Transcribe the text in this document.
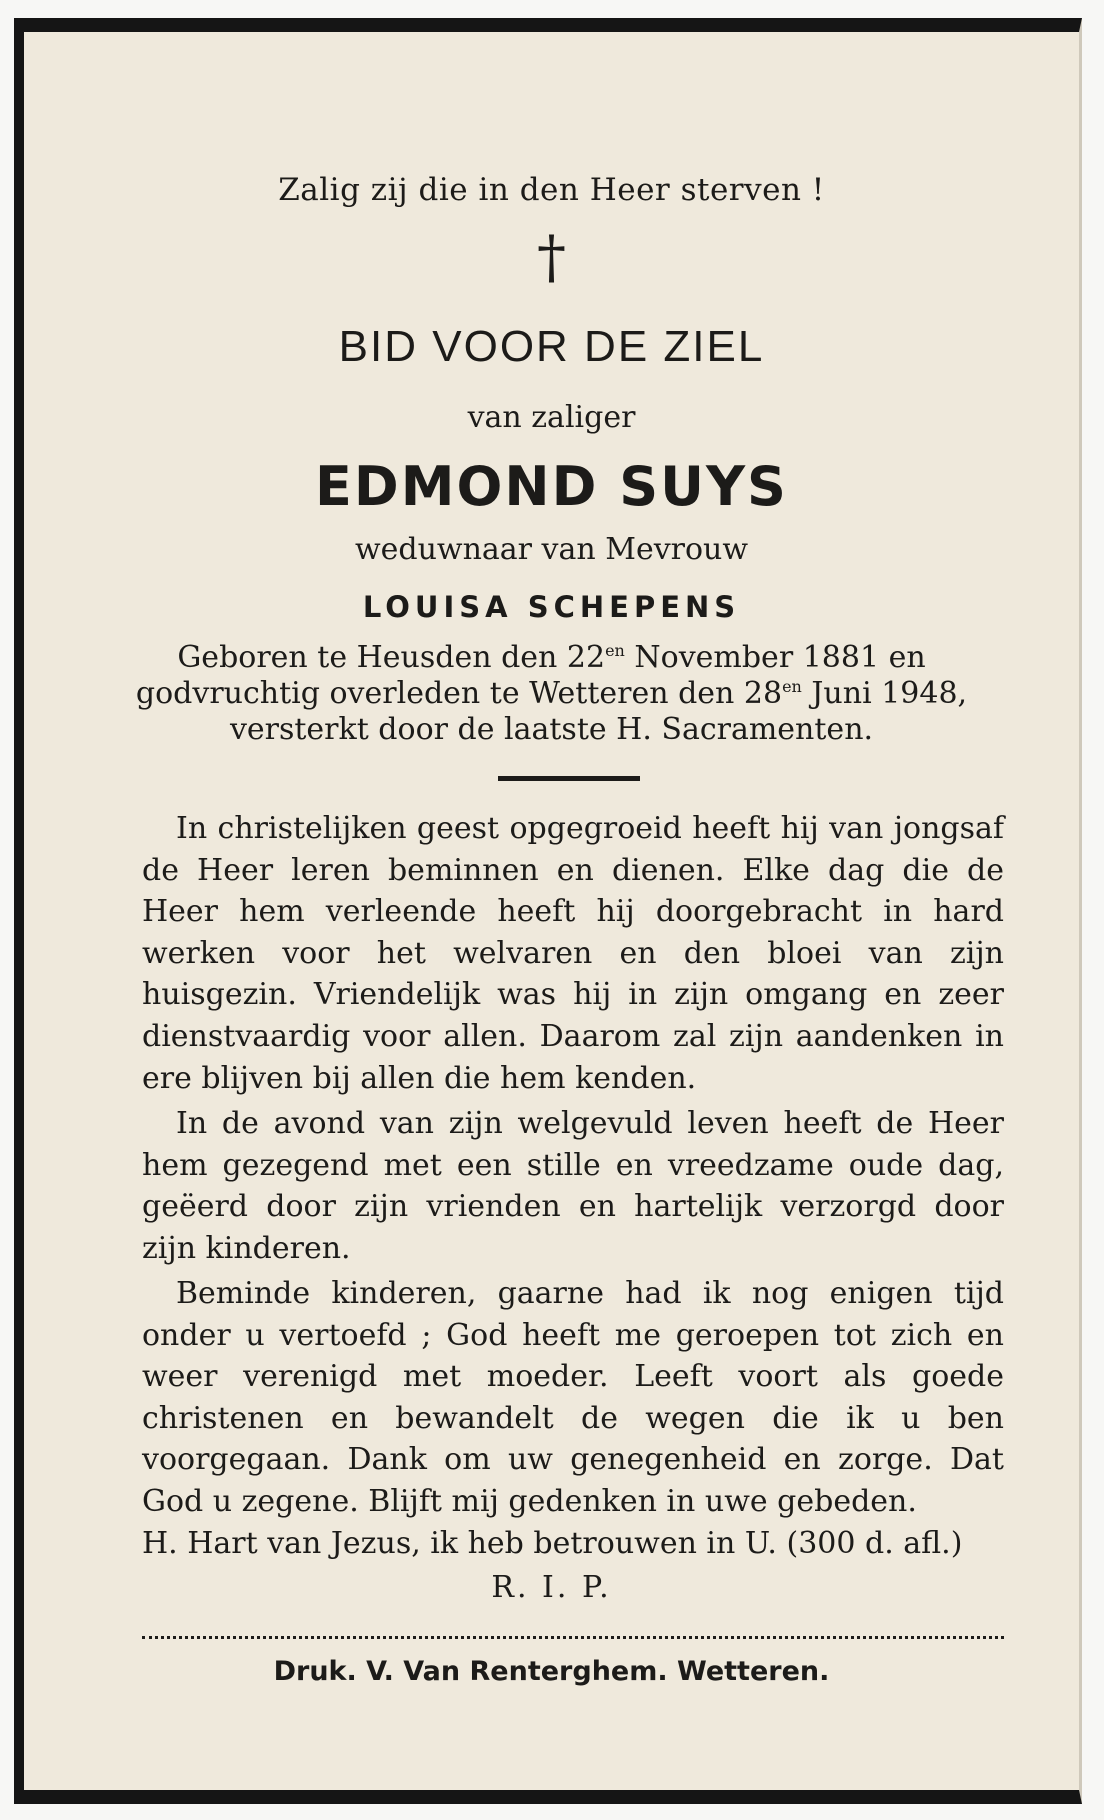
Zalig zij die in den Heer sterven !
†
BID VOOR DE ZIEL
van zaliger
EDMOND SUYS
weduwnaar van Mevrouw
LOUISA SCHEPENS
Geboren te Heusden den $22^{en}$ November 1881 en
godvruchtig overleden te Wetteren den $28^{en}$ Juni 1948,
versterkt door de laatste H. Sacramenten.

In christelijken geest opgegroeid heeft hij van jongsaf de Heer leren beminnen en dienen. Elke dag die de Heer hem verleende heeft hij doorgebracht in hard werken voor het welvaren en den bloei van zijn huisgezin. Vriendelijk was hij in zijn omgang en zeer dienstvaardig voor allen. Daarom zal zijn aandenken in ere blijven bij allen die hem kenden.

In de avond van zijn welgevuld leven heeft de Heer hem gezegend met een stille en vreedzame oude dag, geëerd door zijn vrienden en hartelijk verzorgd door zijn kinderen.

Beminde kinderen, gaarne had ik nog enigen tijd onder u vertoefd ; God heeft me geroepen tot zich en weer verenigd met moeder. Leeft voort als goede christenen en bewandelt de wegen die ik u ben voorgegaan. Dank om uw genegenheid en zorge. Dat God u zegene. Blijft mij gedenken in uwe gebeden.
H. Hart van Jezus, ik heb betrouwen in U. (300 d. afl.)

R. I. P.
Druk. V. Van Renterghem. Wetteren.
